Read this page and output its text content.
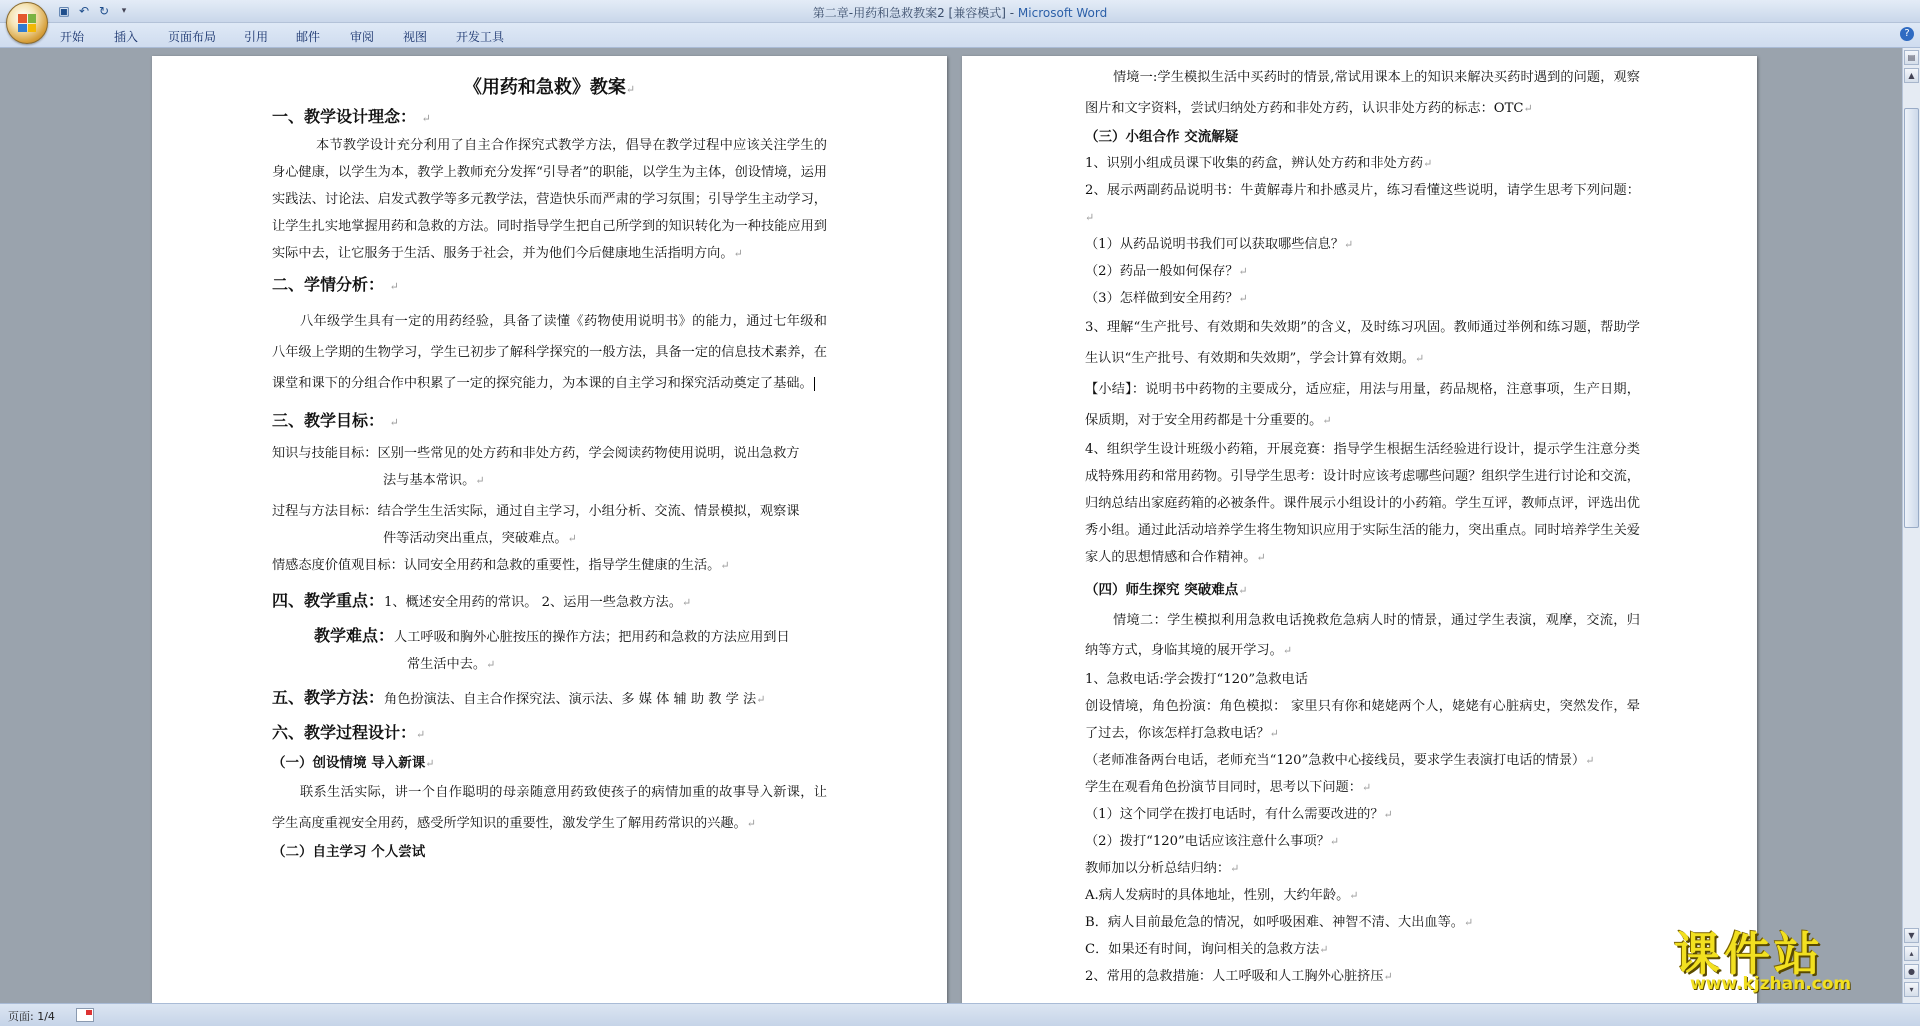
▣ ↶ ↻	▾	第二章-用药和急救教案2 [兼容模式] - Microsoft Word
开始 插入 页面布局 引用 邮件 审阅 视图 开发工具	?

《用药和急救》教案↵

一、教学设计理念： ↵

本节教学设计充分利用了自主合作探究式教学方法，倡导在教学过程中应该关注学生的身心健康，以学生为本，教学上教师充分发挥“引导者”的职能，以学生为主体，创设情境，运用实践法、讨论法、启发式教学等多元教学法，营造快乐而严肃的学习氛围；引导学生主动学习，让学生扎实地掌握用药和急救的方法。同时指导学生把自己所学到的知识转化为一种技能应用到实际中去，让它服务于生活、服务于社会，并为他们今后健康地生活指明方向。↵

二、学情分析： ↵

八年级学生具有一定的用药经验，具备了读懂《药物使用说明书》的能力，通过七年级和八年级上学期的生物学习，学生已初步了解科学探究的一般方法，具备一定的信息技术素养，在课堂和课下的分组合作中积累了一定的探究能力，为本课的自主学习和探究活动奠定了基础。

三、教学目标： ↵

知识与技能目标：区别一些常见的处方药和非处方药，学会阅读药物使用说明，说出急救方

法与基本常识。↵

过程与方法目标：结合学生生活实际，通过自主学习，小组分析、交流、情景模拟，观察课

件等活动突出重点，突破难点。↵

情感态度价值观目标：认同安全用药和急救的重要性，指导学生健康的生活。↵

四、教学重点：1、概述安全用药的常识。 2、运用一些急救方法。↵

教学难点：人工呼吸和胸外心脏按压的操作方法；把用药和急救的方法应用到日

常生活中去。↵

五、教学方法：角色扮演法、自主合作探究法、演示法、多 媒 体 辅 助 教 学 法↵

六、教学过程设计：↵

（一）创设情境 导入新课↵

联系生活实际，讲一个自作聪明的母亲随意用药致使孩子的病情加重的故事导入新课，让学生高度重视安全用药，感受所学知识的重要性，激发学生了解用药常识的兴趣。↵

（二）自主学习 个人尝试

情境一:学生模拟生活中买药时的情景,常试用课本上的知识来解决买药时遇到的问题，观察图片和文字资料，尝试归纳处方药和非处方药，认识非处方药的标志：OTC↵

（三）小组合作 交流解疑

1、识别小组成员课下收集的药盒，辨认处方药和非处方药↵

2、展示两副药品说明书：牛黄解毒片和扑感灵片，练习看懂这些说明，请学生思考下列问题：↵

（1）从药品说明书我们可以获取哪些信息？↵

（2）药品一般如何保存？↵

（3）怎样做到安全用药？↵

3、理解“生产批号、有效期和失效期”的含义，及时练习巩固。教师通过举例和练习题，帮助学生认识“生产批号、有效期和失效期”，学会计算有效期。↵

【小结】：说明书中药物的主要成分，适应症，用法与用量，药品规格，注意事项，生产日期，保质期，对于安全用药都是十分重要的。↵

4、组织学生设计班级小药箱，开展竞赛：指导学生根据生活经验进行设计，提示学生注意分类成特殊用药和常用药物。引导学生思考：设计时应该考虑哪些问题？组织学生进行讨论和交流，归纳总结出家庭药箱的必被条件。课件展示小组设计的小药箱。学生互评，教师点评，评选出优秀小组。通过此活动培养学生将生物知识应用于实际生活的能力，突出重点。同时培养学生关爱家人的思想情感和合作精神。↵

（四）师生探究 突破难点↵

情境二：学生模拟利用急救电话挽救危急病人时的情景，通过学生表演，观摩，交流，归纳等方式，身临其境的展开学习。↵

1、急救电话:学会拨打“120”急救电话

创设情境，角色扮演：角色模拟： 家里只有你和姥姥两个人，姥姥有心脏病史，突然发作，晕了过去，你该怎样打急救电话？↵

（老师准备两台电话，老师充当“120”急救中心接线员，要求学生表演打电话的情景）↵

学生在观看角色扮演节目同时，思考以下问题：↵

（1）这个同学在拨打电话时，有什么需要改进的？↵

（2）拨打“120”电话应该注意什么事项？↵

教师加以分析总结归纳：↵

A.病人发病时的具体地址，性别，大约年龄。↵

B．病人目前最危急的情况，如呼吸困难、神智不清、大出血等。↵

C．如果还有时间，询问相关的急救方法↵

2、常用的急救措施：人工呼吸和人工胸外心脏挤压↵

▤
▲
▼
▴
●
▾
页面: 1/4
课件站
www.kjzhan.com
